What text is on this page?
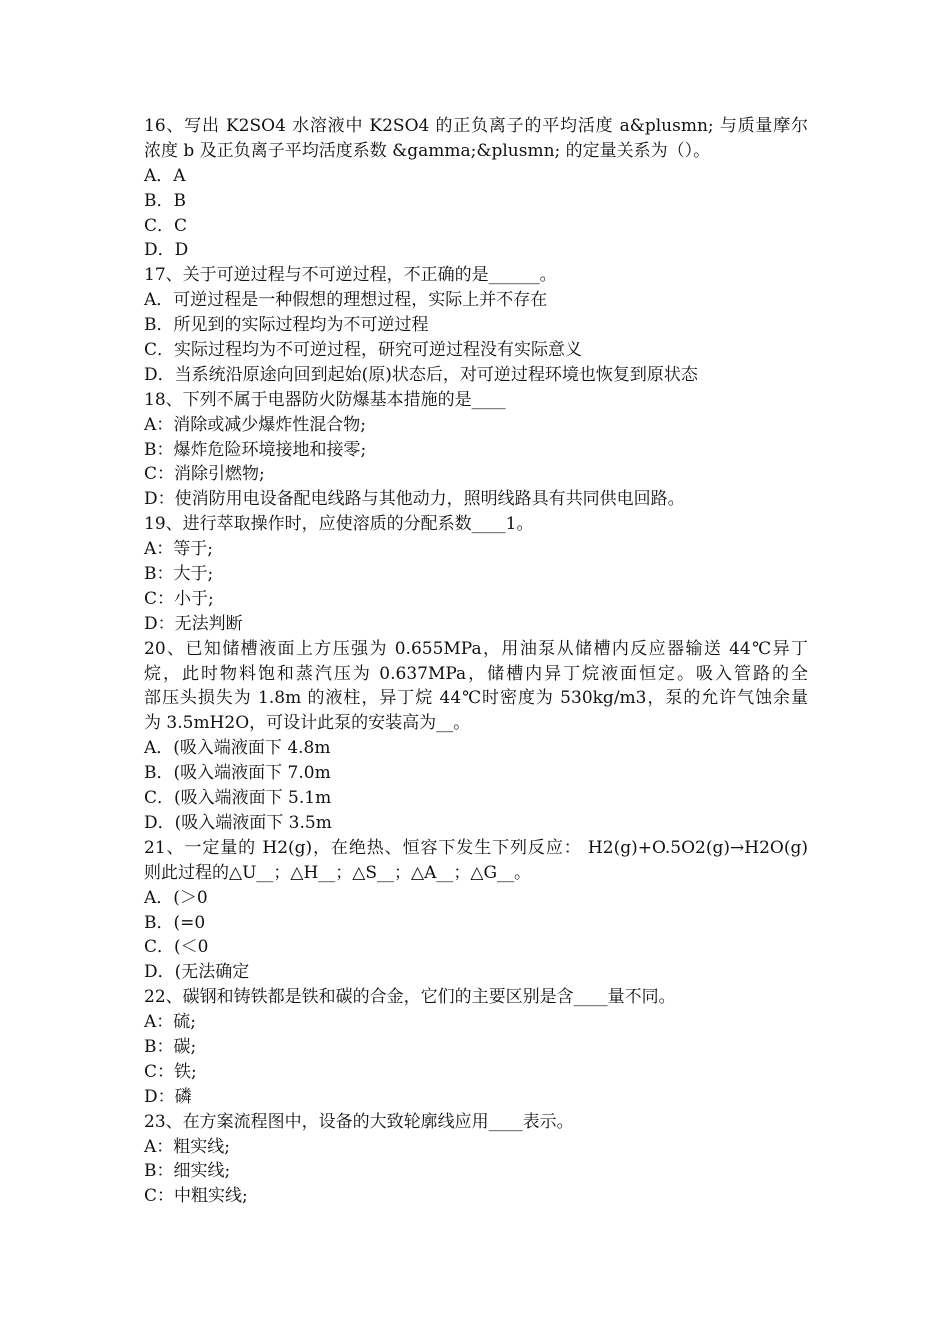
16、写出 K2SO4 水溶液中 K2SO4 的正负离子的平均活度 a&plusmn; 与质量摩尔
浓度 b 及正负离子平均活度系数 &gamma;&plusmn; 的定量关系为（）。
A．A
B．B
C．C
D．D
17、关于可逆过程与不可逆过程，不正确的是______。
A．可逆过程是一种假想的理想过程，实际上并不存在
B．所见到的实际过程均为不可逆过程
C．实际过程均为不可逆过程，研究可逆过程没有实际意义
D．当系统沿原途向回到起始(原)状态后，对可逆过程环境也恢复到原状态
18、下列不属于电器防火防爆基本措施的是____
A：消除或减少爆炸性混合物;
B：爆炸危险环境接地和接零;
C：消除引燃物;
D：使消防用电设备配电线路与其他动力，照明线路具有共同供电回路。
19、进行萃取操作时，应使溶质的分配系数____1。
A：等于;
B：大于;
C：小于;
D：无法判断
20、已知储槽液面上方压强为 0.655MPa，用油泵从储槽内反应器输送 44℃异丁
烷，此时物料饱和蒸汽压为 0.637MPa，储槽内异丁烷液面恒定。吸入管路的全
部压头损失为 1.8m 的液柱，异丁烷 44℃时密度为 530kg/m3，泵的允许气蚀余量
为 3.5mH2O，可设计此泵的安装高为__。
A．(吸入端液面下 4.8m
B．(吸入端液面下 7.0m
C．(吸入端液面下 5.1m
D．(吸入端液面下 3.5m
21、一定量的 H2(g)，在绝热、恒容下发生下列反应： H2(g)+O.5O2(g)→H2O(g)
则此过程的△U__；△H__；△S__；△A__；△G__。
A．(＞0
B．(=0
C．(＜0
D．(无法确定
22、碳钢和铸铁都是铁和碳的合金，它们的主要区别是含____量不同。
A：硫;
B：碳;
C：铁;
D：磷
23、在方案流程图中，设备的大致轮廓线应用____表示。
A：粗实线;
B：细实线;
C：中粗实线;
